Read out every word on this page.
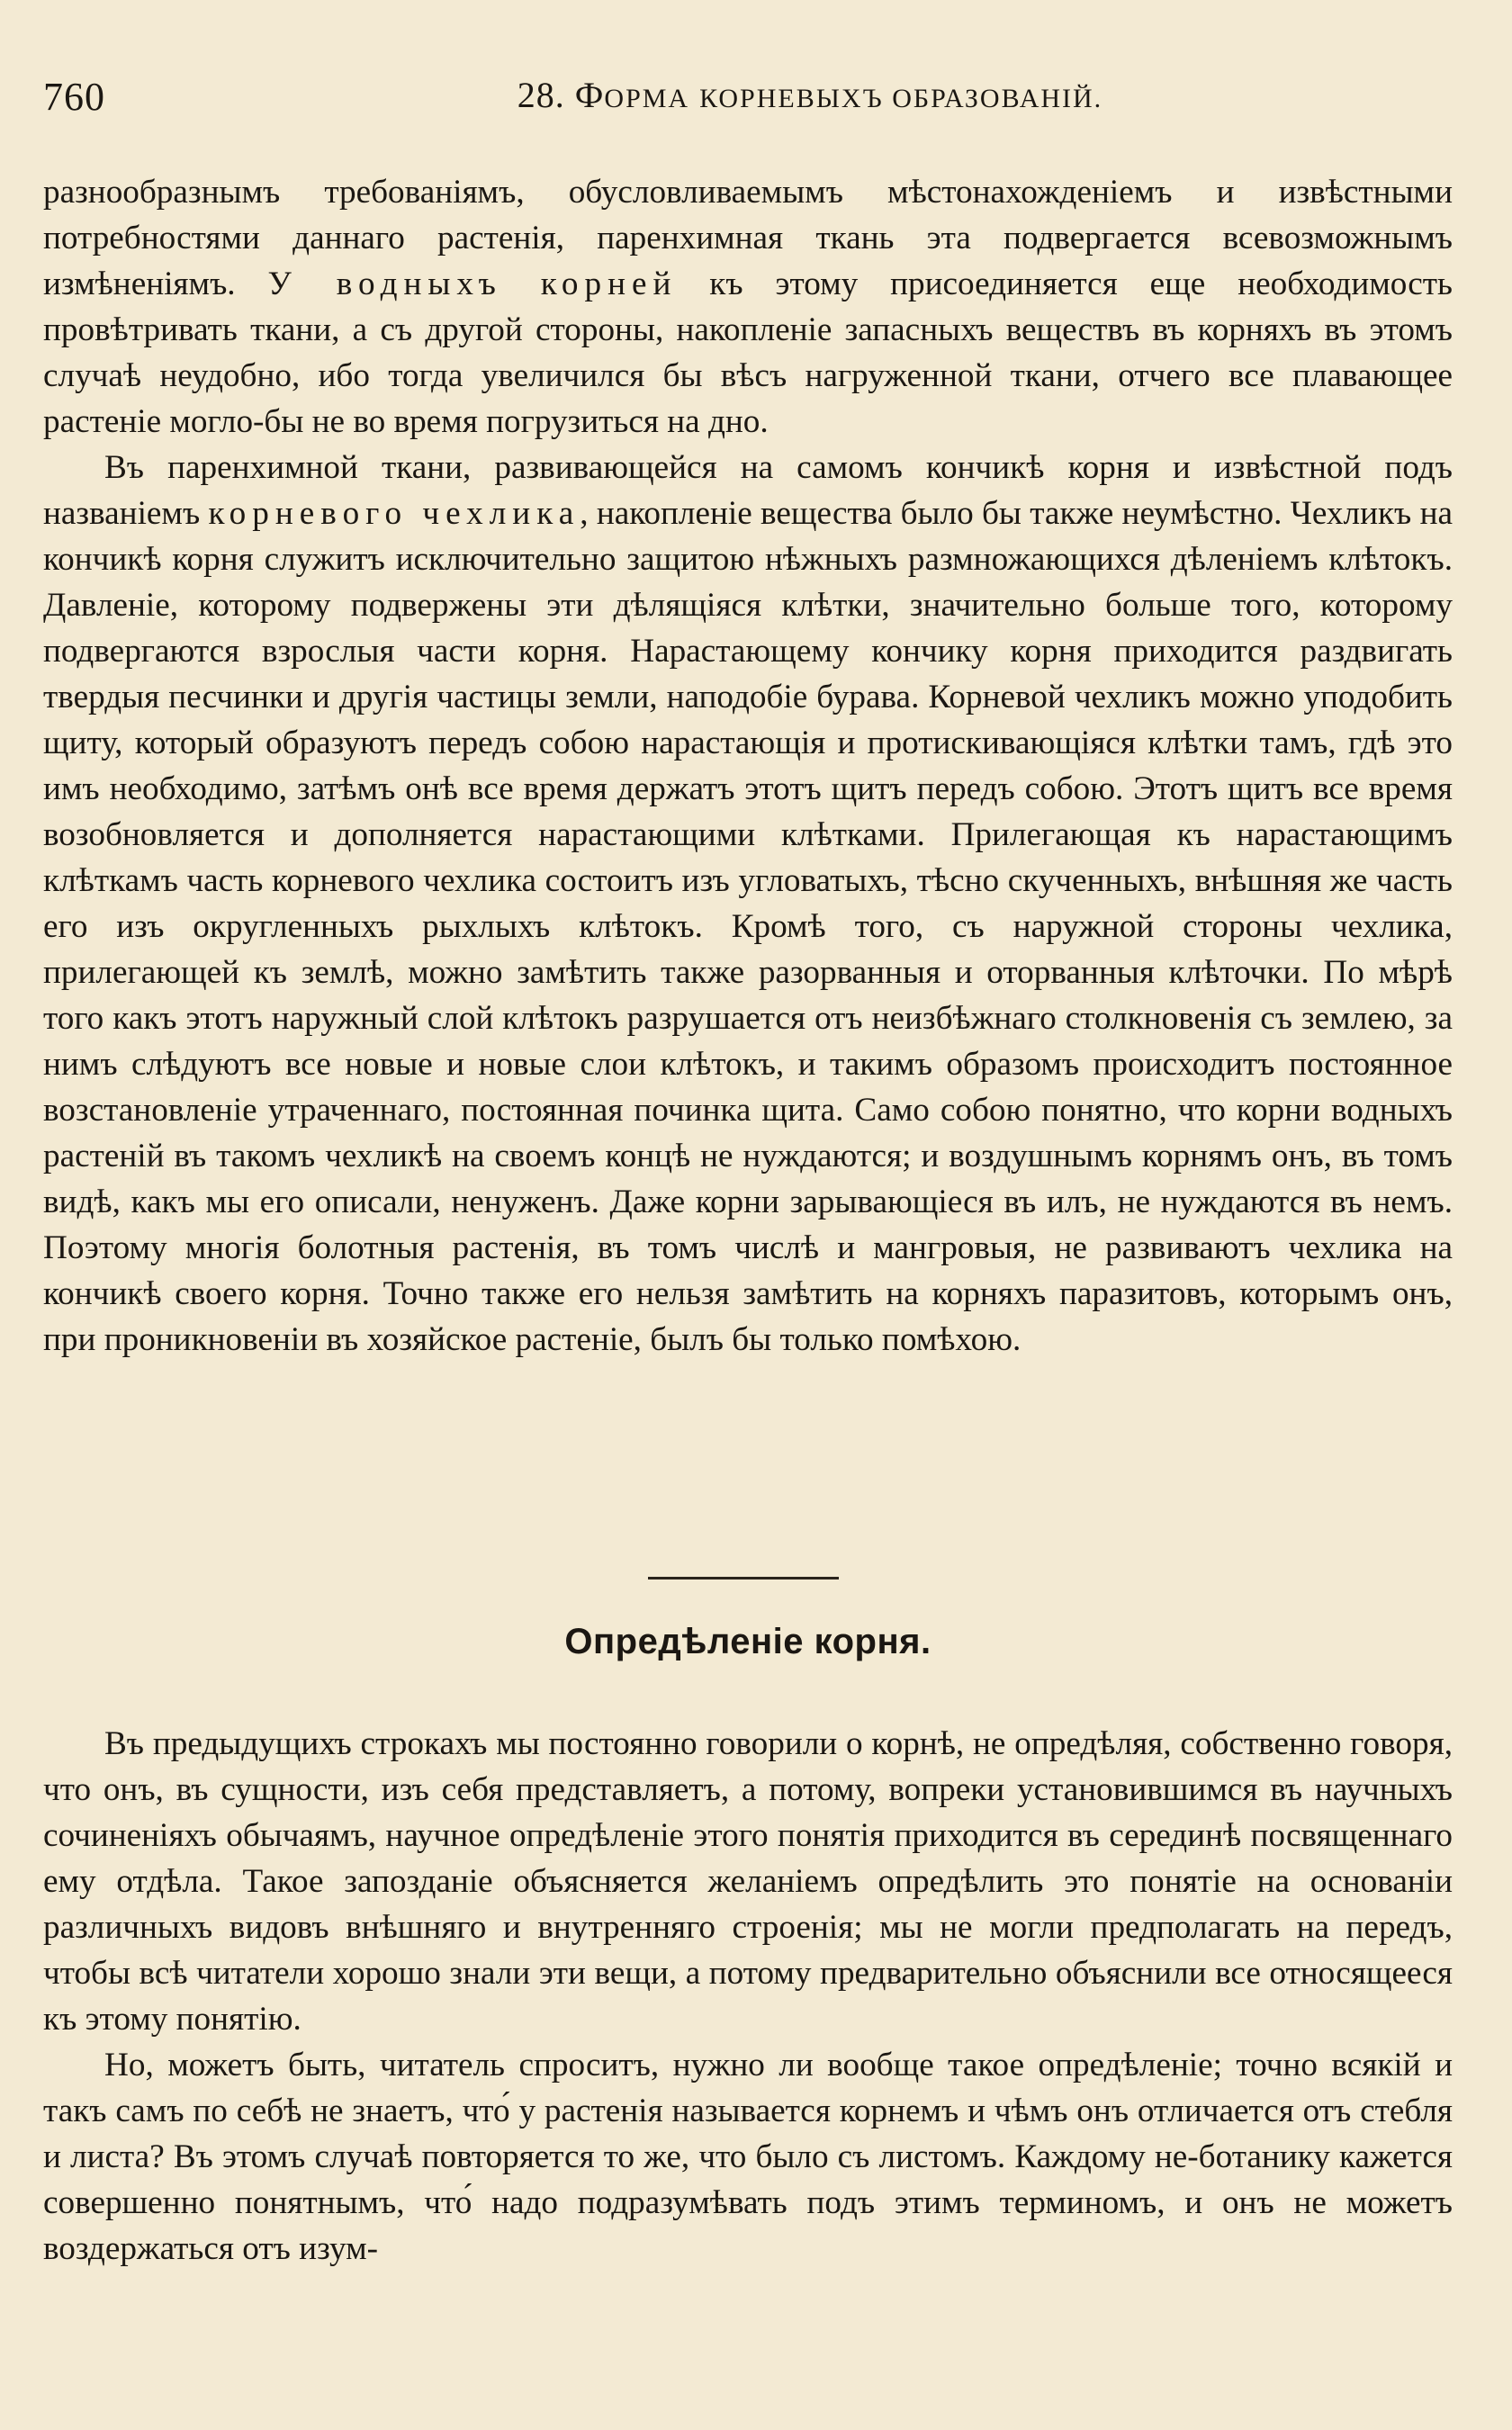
760	28. ФОРМА КОРНЕВЫХЪ ОБРАЗОВАНIЙ.

разнообразнымъ требованiямъ, обусловливаемымъ мѣстонахожденiемъ и извѣстными потребностями даннаго растенiя, паренхимная ткань эта подвергается всевозможнымъ измѣненiямъ. У водныхъ корней къ этому присоединяется еще необходимость провѣтривать ткани, а съ другой стороны, накопленiе запасныхъ веществъ въ корняхъ въ этомъ случаѣ неудобно, ибо тогда увеличился бы вѣсъ нагруженной ткани, отчего все плавающее растенiе могло-бы не во время погрузиться на дно.

Въ паренхимной ткани, развивающейся на самомъ кончикѣ корня и извѣстной подъ названiемъ корневого чехлика, накопленiе вещества было бы также неумѣстно. Чехликъ на кончикѣ корня служитъ исключительно защитою нѣжныхъ размножающихся дѣленiемъ клѣтокъ. Давленiе, которому подвержены эти дѣлящiяся клѣтки, значительно больше того, которому подвергаются взрослыя части корня. Нарастающему кончику корня приходится раздвигать твердыя песчинки и другiя частицы земли, наподобiе бурава. Корневой чехликъ можно уподобить щиту, который образуютъ передъ собою нарастающiя и протискивающiяся клѣтки тамъ, гдѣ это имъ необходимо, затѣмъ онѣ все время держатъ этотъ щитъ передъ собою. Этотъ щитъ все время возобновляется и дополняется нарастающими клѣтками. Прилегающая къ нарастающимъ клѣткамъ часть корневого чехлика состоитъ изъ угловатыхъ, тѣсно скученныхъ, внѣшняя же часть его изъ округленныхъ рыхлыхъ клѣтокъ. Кромѣ того, съ наружной стороны чехлика, прилегающей къ землѣ, можно замѣтить также разорванныя и оторванныя клѣточки. По мѣрѣ того какъ этотъ наружный слой клѣтокъ разрушается отъ неизбѣжнаго столкновенiя съ землею, за нимъ слѣдуютъ все новые и новые слои клѣтокъ, и такимъ образомъ происходитъ постоянное возстановленiе утраченнаго, постоянная починка щита. Само собою понятно, что корни водныхъ растенiй въ такомъ чехликѣ на своемъ концѣ не нуждаются; и воздушнымъ корнямъ онъ, въ томъ видѣ, какъ мы его описали, ненуженъ. Даже корни зарывающiеся въ илъ, не нуждаются въ немъ. Поэтому многiя болотныя растенiя, въ томъ числѣ и мангровыя, не развиваютъ чехлика на кончикѣ своего корня. Точно также его нельзя замѣтить на корняхъ паразитовъ, которымъ онъ, при проникновенiи въ хозяйское растенiе, былъ бы только помѣхою.

Опредѣленiе корня.

Въ предыдущихъ строкахъ мы постоянно говорили о корнѣ, не опредѣляя, собственно говоря, что онъ, въ сущности, изъ себя представляетъ, а потому, вопреки установившимся въ научныхъ сочиненiяхъ обычаямъ, научное опредѣленiе этого понятiя приходится въ серединѣ посвященнаго ему отдѣла. Такое запозданiе объясняется желанiемъ опредѣлить это понятiе на основанiи различныхъ видовъ внѣшняго и внутренняго строенiя; мы не могли предполагать на передъ, чтобы всѣ читатели хорошо знали эти вещи, а потому предварительно объяснили все относящееся къ этому понятiю.

Но, можетъ быть, читатель спроситъ, нужно ли вообще такое опредѣленiе; точно всякiй и такъ самъ по себѣ не знаетъ, что́ у растенiя называется корнемъ и чѣмъ онъ отличается отъ стебля и листа? Въ этомъ случаѣ повторяется то же, что было съ листомъ. Каждому не-ботанику кажется совершенно понятнымъ, что́ надо подразумѣвать подъ этимъ терминомъ, и онъ не можетъ воздержаться отъ изум-
